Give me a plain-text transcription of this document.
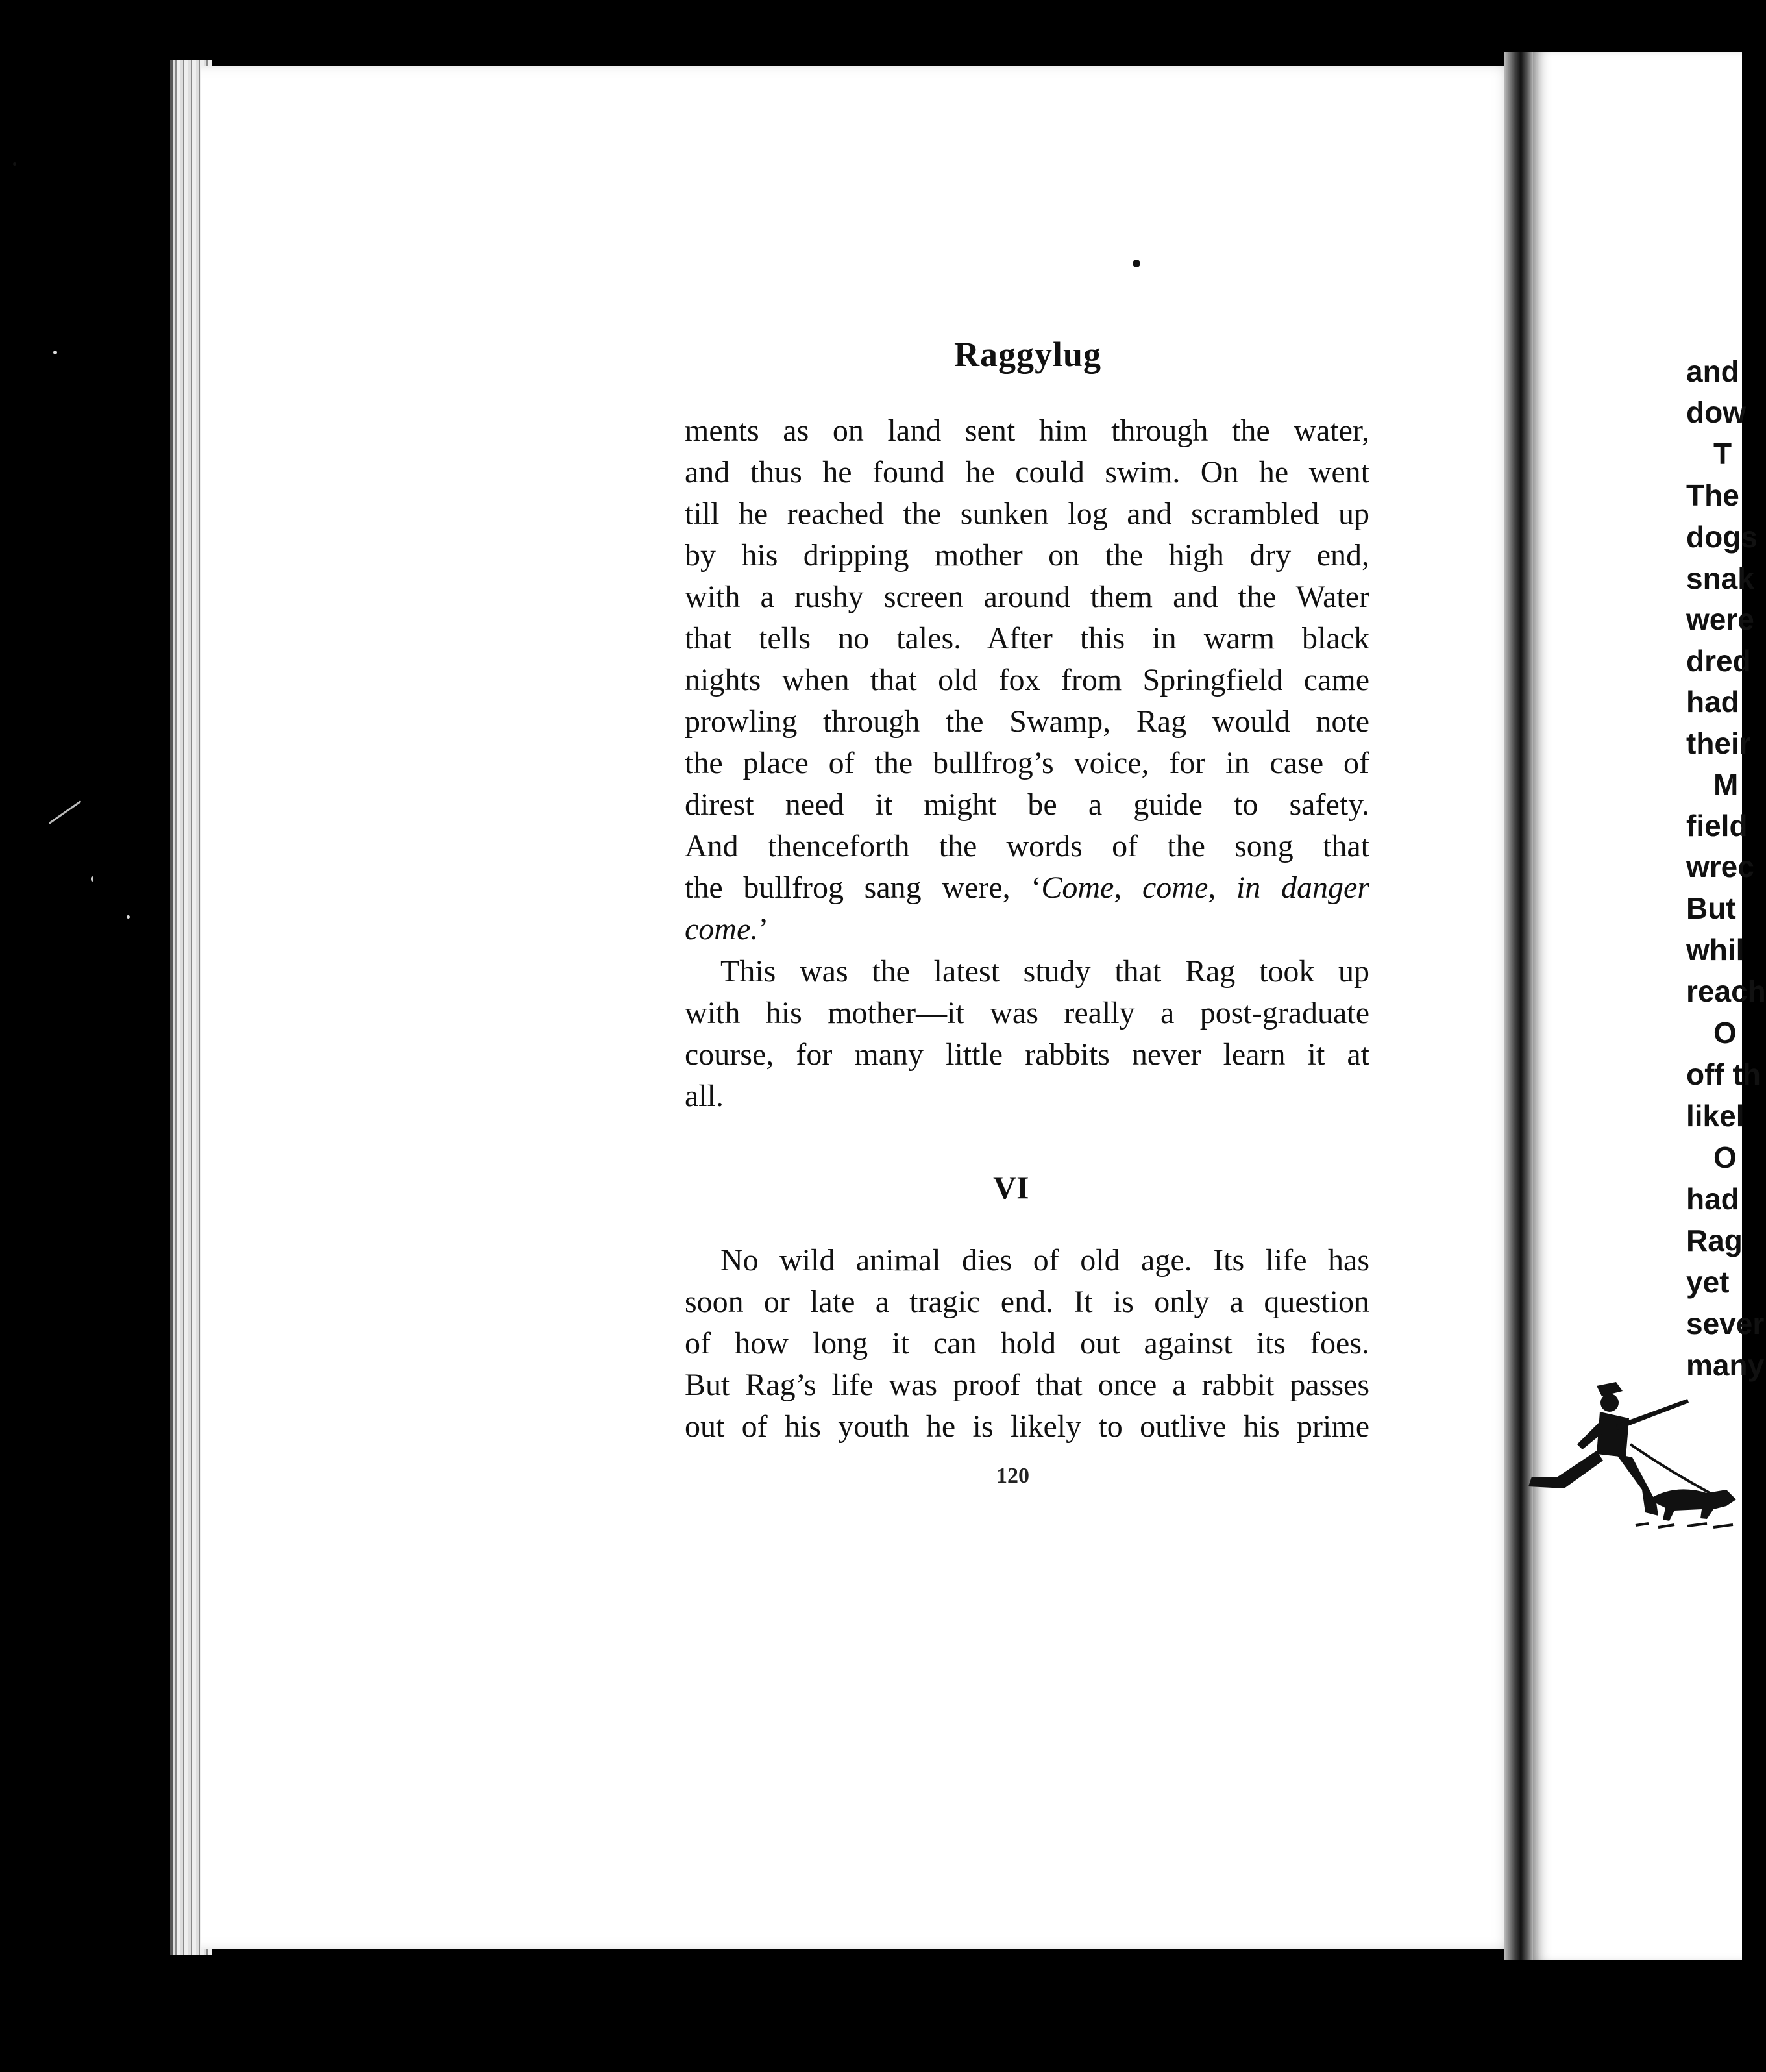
Raggylug
ments as on land sent him through the water,
and thus he found he could swim. On he went
till he reached the sunken log and scrambled up
by his dripping mother on the high dry end,
with a rushy screen around them and the Water
that tells no tales. After this in warm black
nights when that old fox from Springfield came
prowling through the Swamp, Rag would note
the place of the bullfrog’s voice, for in case of
direst need it might be a guide to safety.
And thenceforth the words of the song that
the bullfrog sang were, ‘Come, come, in danger
come.’
This was the latest study that Rag took up
with his mother—it was really a post-graduate
course, for many little rabbits never learn it at
all.
VI
No wild animal dies of old age. Its life has
soon or late a tragic end. It is only a question
of how long it can hold out against its foes.
But Rag’s life was proof that once a rabbit passes
out of his youth he is likely to outlive his prime
120
and
dow
T
The
dogs
snak
were
dred
had
their
M
field
wrec
But
whil
reach
O
off th
likel
O
had
Rag
yet
sever
many
